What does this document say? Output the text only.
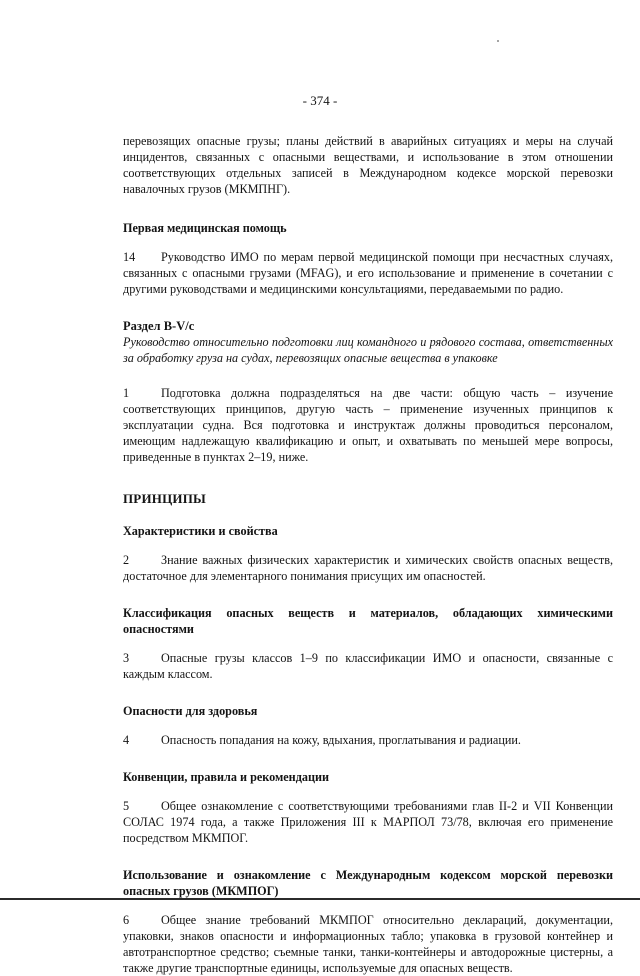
- 374 -

перевозящих опасные грузы; планы действий в аварийных ситуациях и меры на случай инцидентов, связанных с опасными веществами, и использование в этом отношении соответствующих отдельных записей в Международном кодексе морской перевозки навалочных грузов (МКМПНГ).

Первая медицинская помощь

14 Руководство ИМО по мерам первой медицинской помощи при несчастных случаях, связанных с опасными грузами (MFAG), и его использование и применение в сочетании с другими руководствами и медицинскими консультациями, передаваемыми по радио.

Раздел B-V/c

Руководство относительно подготовки лиц командного и рядового состава, ответственных за обработку груза на судах, перевозящих опасные вещества в упаковке

1	Подготовка должна подразделяться на две части: общую часть – изучение соответствующих принципов, другую часть – применение изученных принципов к эксплуатации судна. Вся подготовка и инструктаж должны проводиться персоналом, имеющим надлежащую квалификацию и опыт, и охватывать по меньшей мере вопросы, приведенные в пунктах 2–19, ниже.

ПРИНЦИПЫ

Характеристики и свойства

2	Знание важных физических характеристик и химических свойств опасных веществ, достаточное для элементарного понимания присущих им опасностей.

Классификация опасных веществ и материалов, обладающих химическими опасностями

3	Опасные грузы классов 1–9 по классификации ИМО и опасности, связанные с каждым классом.

Опасности для здоровья

4	Опасность попадания на кожу, вдыхания, проглатывания и радиации.

Конвенции, правила и рекомендации

5	Общее ознакомление с соответствующими требованиями глав II-2 и VII Конвенции СОЛАС 1974 года, а также Приложения III к МАРПОЛ 73/78, включая его применение посредством МКМПОГ.

Использование и ознакомление с Международным кодексом морской перевозки опасных грузов (МКМПОГ)

6	Общее знание требований МКМПОГ относительно деклараций, документации, упаковки, знаков опасности и информационных табло; упаковка в грузовой контейнер и автотранспортное средство; съемные танки, танки-контейнеры и автодорожные цистерны, а также другие транспортные единицы, используемые для опасных веществ.
